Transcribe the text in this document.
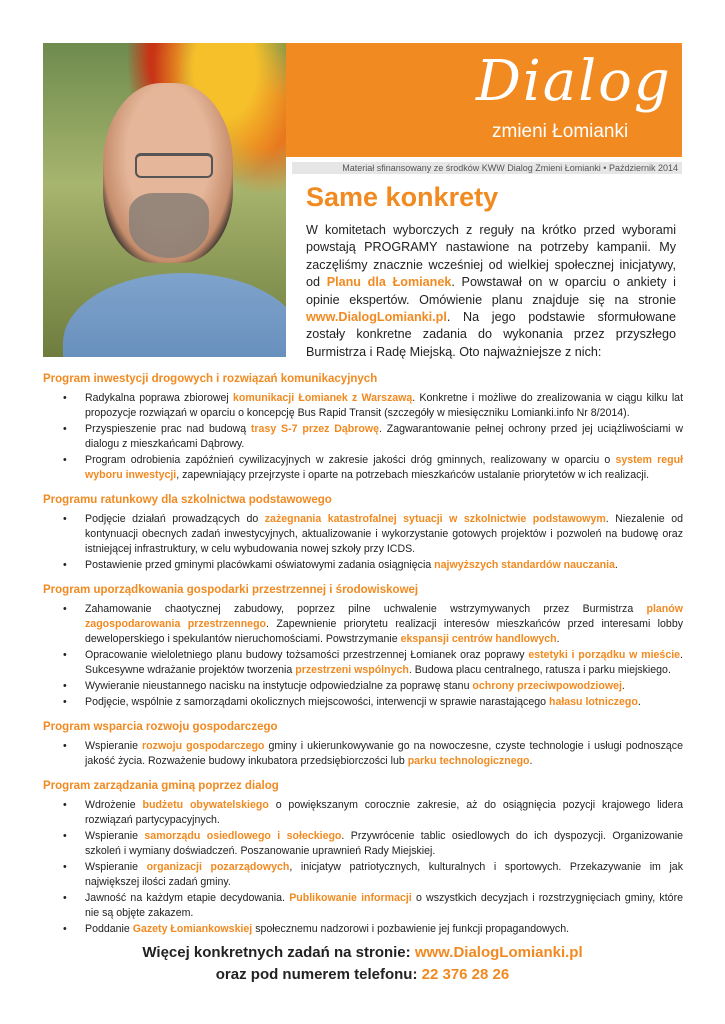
Dialog
zmieni Łomianki
Materiał sfinansowany ze środków KWW Dialog Zmieni Łomianki • Październik 2014
Same konkrety

W komitetach wyborczych z reguły na krótko przed wyborami powstają PROGRAMY nastawione na potrzeby kampanii. My zaczęliśmy znacznie wcześniej od wielkiej społecznej inicjatywy, od Planu dla Łomianek. Powstawał on w oparciu o ankiety i opinie ekspertów. Omówienie planu znajduje się na stronie www.DialogLomianki.pl. Na jego podstawie sformułowane zostały konkretne zadania do wykonania przez przyszłego Burmistrza i Radę Miejską. Oto najważniejsze z nich:

Program inwestycji drogowych i rozwiązań komunikacyjnych
• Radykalna poprawa zbiorowej komunikacji Łomianek z Warszawą. Konkretne i możliwe do zrealizowania w ciągu kilku lat propozycje rozwiązań w oparciu o koncepcję Bus Rapid Transit (szczegóły w miesięczniku Lomianki.info Nr 8/2014).
• Przyspieszenie prac nad budową trasy S-7 przez Dąbrowę. Zagwarantowanie pełnej ochrony przed jej uciążliwościami w dialogu z mieszkańcami Dąbrowy.
• Program odrobienia zapóźnień cywilizacyjnych w zakresie jakości dróg gminnych, realizowany w oparciu o system reguł wyboru inwestycji, zapewniający przejrzyste i oparte na potrzebach mieszkańców ustalanie priorytetów w ich realizacji.
Programu ratunkowy dla szkolnictwa podstawowego
• Podjęcie działań prowadzących do zażegnania katastrofalnej sytuacji w szkolnictwie podstawowym. Niezalenie od kontynuacji obecnych zadań inwestycyjnych, aktualizowanie i wykorzystanie gotowych projektów i pozwoleń na budowę oraz istniejącej infrastruktury, w celu wybudowania nowej szkoły przy ICDS.
• Postawienie przed gminymi placówkami oświatowymi zadania osiągnięcia najwyższych standardów nauczania.
Program uporządkowania gospodarki przestrzennej i środowiskowej
• Zahamowanie chaotycznej zabudowy, poprzez pilne uchwalenie wstrzymywanych przez Burmistrza planów zagospodarowania przestrzennego. Zapewnienie priorytetu realizacji interesów mieszkańców przed interesami lobby deweloperskiego i spekulantów nieruchomościami. Powstrzymanie ekspansji centrów handlowych.
• Opracowanie wieloletniego planu budowy tożsamości przestrzennej Łomianek oraz poprawy estetyki i porządku w mieście. Sukcesywne wdrażanie projektów tworzenia przestrzeni wspólnych. Budowa placu centralnego, ratusza i parku miejskiego.
• Wywieranie nieustannego nacisku na instytucje odpowiedzialne za poprawę stanu ochrony przeciwpowodziowej.
• Podjęcie, wspólnie z samorządami okolicznych miejscowości, interwencji w sprawie narastającego hałasu lotniczego.
Program wsparcia rozwoju gospodarczego
• Wspieranie rozwoju gospodarczego gminy i ukierunkowywanie go na nowoczesne, czyste technologie i usługi podnoszące jakość życia. Rozważenie budowy inkubatora przedsiębiorczości lub parku technologicznego.
Program zarządzania gminą poprzez dialog
• Wdrożenie budżetu obywatelskiego o powiększanym corocznie zakresie, aż do osiągnięcia pozycji krajowego lidera rozwiązań partycypacyjnych.
• Wspieranie samorządu osiedlowego i sołeckiego. Przywrócenie tablic osiedlowych do ich dyspozycji. Organizowanie szkoleń i wymiany doświadczeń. Poszanowanie uprawnień Rady Miejskiej.
• Wspieranie organizacji pozarządowych, inicjatyw patriotycznych, kulturalnych i sportowych. Przekazywanie im jak największej ilości zadań gminy.
• Jawność na każdym etapie decydowania. Publikowanie informacji o wszystkich decyzjach i rozstrzygnięciach gminy, które nie są objęte zakazem.
• Poddanie Gazety Łomiankowskiej społecznemu nadzorowi i pozbawienie jej funkcji propagandowych.
Więcej konkretnych zadań na stronie: www.DialogLomianki.pl
oraz pod numerem telefonu: 22 376 28 26
